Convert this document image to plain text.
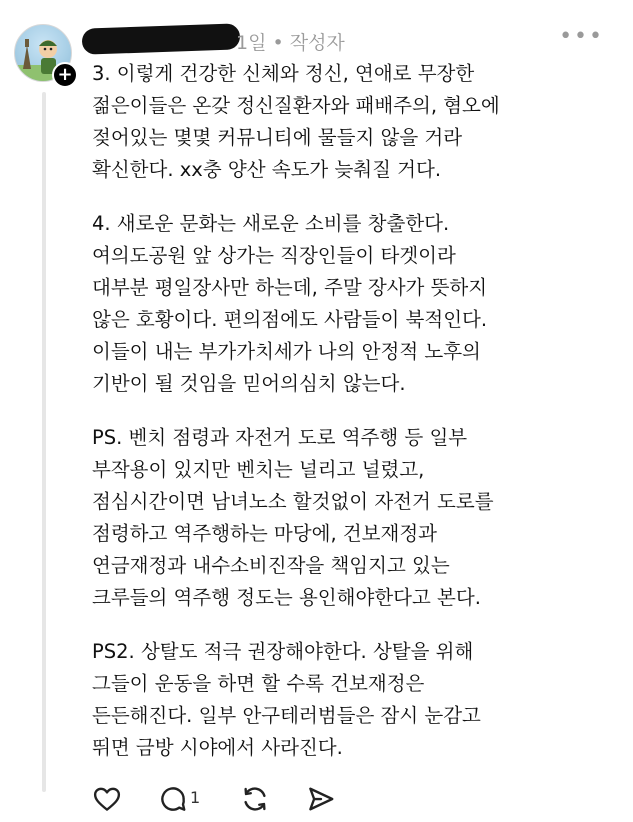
+
1일 • 작성자	•••

3. 이렇게 건강한 신체와 정신, 연애로 무장한
젊은이들은 온갖 정신질환자와 패배주의, 혐오에
젖어있는 몇몇 커뮤니티에 물들지 않을 거라
확신한다. xx충 양산 속도가 늦춰질 거다.

4. 새로운 문화는 새로운 소비를 창출한다.
여의도공원 앞 상가는 직장인들이 타겟이라
대부분 평일장사만 하는데, 주말 장사가 뜻하지
않은 호황이다. 편의점에도 사람들이 북적인다.
이들이 내는 부가가치세가 나의 안정적 노후의
기반이 될 것임을 믿어의심치 않는다.

PS. 벤치 점령과 자전거 도로 역주행 등 일부
부작용이 있지만 벤치는 널리고 널렸고,
점심시간이면 남녀노소 할것없이 자전거 도로를
점령하고 역주행하는 마당에, 건보재정과
연금재정과 내수소비진작을 책임지고 있는
크루들의 역주행 정도는 용인해야한다고 본다.

PS2. 상탈도 적극 권장해야한다. 상탈을 위해
그들이 운동을 하면 할 수록 건보재정은
든든해진다. 일부 안구테러범들은 잠시 눈감고
뛰면 금방 시야에서 사라진다.

1
